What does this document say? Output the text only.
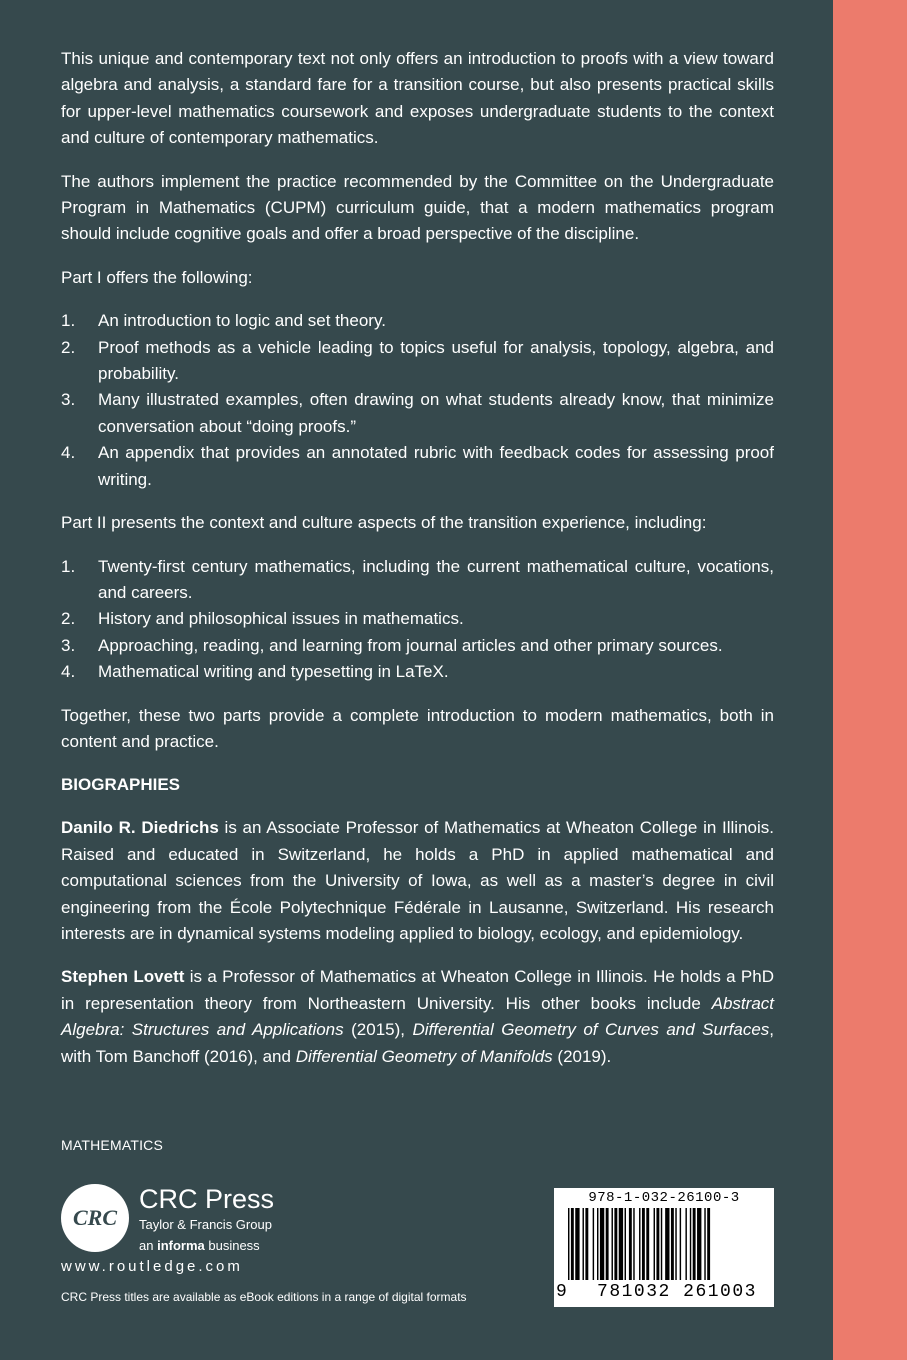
This unique and contemporary text not only offers an introduction to proofs with a view toward algebra and analysis, a standard fare for a transition course, but also presents practical skills for upper-level mathematics coursework and exposes undergraduate students to the context and culture of contemporary mathematics.

The authors implement the practice recommended by the Committee on the Undergraduate Program in Mathematics (CUPM) curriculum guide, that a modern mathematics program should include cognitive goals and offer a broad perspective of the discipline.

Part I offers the following:

1. An introduction to logic and set theory.
2. Proof methods as a vehicle leading to topics useful for analysis, topology, algebra, and probability.
3. Many illustrated examples, often drawing on what students already know, that minimize conversation about “doing proofs.”
4. An appendix that provides an annotated rubric with feedback codes for assessing proof writing.

Part II presents the context and culture aspects of the transition experience, including:

1. Twenty-first century mathematics, including the current mathematical culture, vocations, and careers.
2. History and philosophical issues in mathematics.
3. Approaching, reading, and learning from journal articles and other primary sources.
4. Mathematical writing and typesetting in LaTeX.

Together, these two parts provide a complete introduction to modern mathematics, both in content and practice.

BIOGRAPHIES

Danilo R. Diedrichs is an Associate Professor of Mathematics at Wheaton College in Illinois. Raised and educated in Switzerland, he holds a PhD in applied mathematical and computational sciences from the University of Iowa, as well as a master’s degree in civil engineering from the École Polytechnique Fédérale in Lausanne, Switzerland. His research interests are in dynamical systems modeling applied to biology, ecology, and epidemiology.

Stephen Lovett is a Professor of Mathematics at Wheaton College in Illinois. He holds a PhD in representation theory from Northeastern University. His other books include Abstract Algebra: Structures and Applications (2015), Differential Geometry of Curves and Surfaces, with Tom Banchoff (2016), and Differential Geometry of Manifolds (2019).

MATHEMATICS
CRC
CRC Press
Taylor & Francis Group
an informa business
www.routledge.com
CRC Press titles are available as eBook editions in a range of digital formats
978-1-032-26100-3
9	781032 261003
